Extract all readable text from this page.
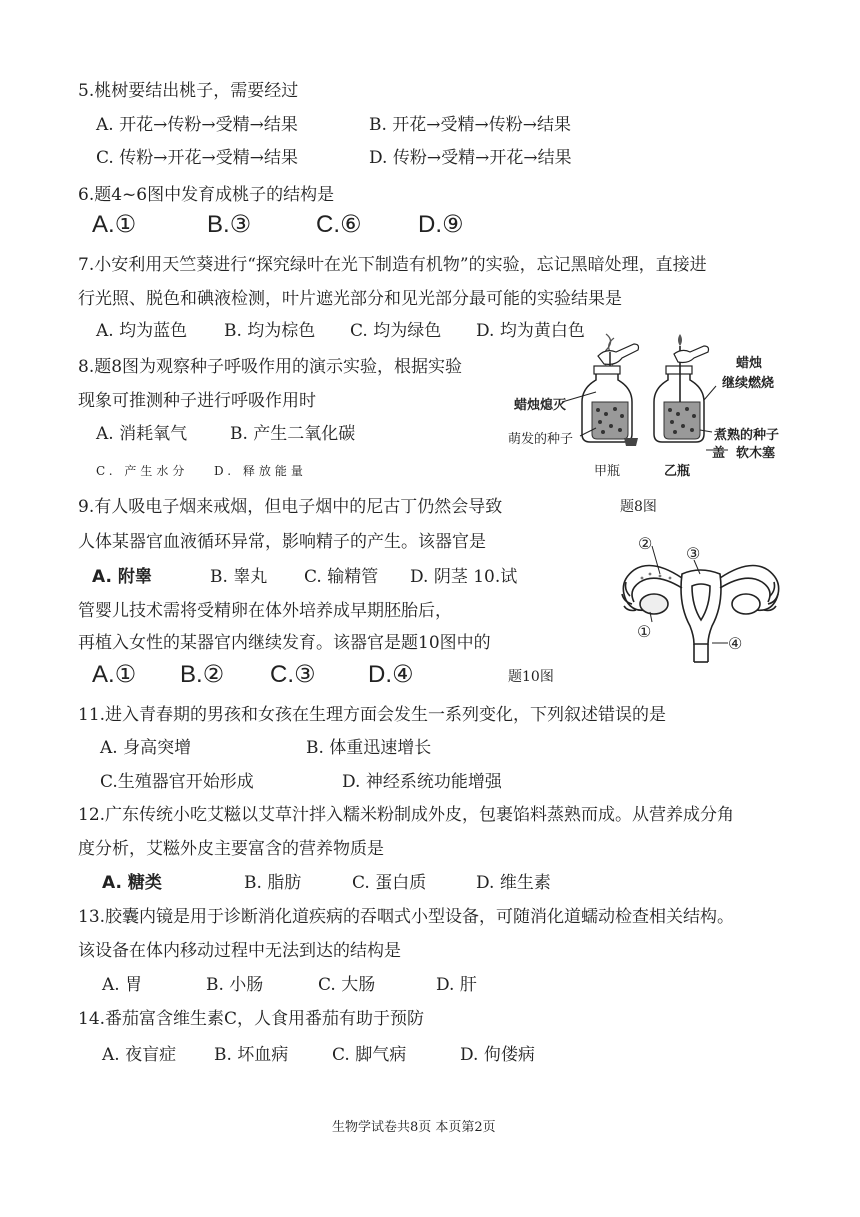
5.桃树要结出桃子，需要经过
A. 开花→传粉→受精→结果	B. 开花→受精→传粉→结果
C. 传粉→开花→受精→结果	D. 传粉→受精→开花→结果
6.题4~6图中发育成桃子的结构是
A.①	B.③	C.⑥ D.⑨
7.小安利用天竺葵进行“探究绿叶在光下制造有机物”的实验，忘记黑暗处理，直接进
行光照、脱色和碘液检测，叶片遮光部分和见光部分最可能的实验结果是
A. 均为蓝色 B. 均为棕色 C. 均为绿色 D. 均为黄白色
8.题8图为观察种子呼吸作用的演示实验，根据实验
现象可推测种子进行呼吸作用时
A. 消耗氧气	B. 产生二氧化碳
C. 产生水分 D. 释放能量
蜡烛熄灭
萌发的种子
蜡烛
继续燃烧
煮熟的种子
盖 软木塞
甲瓶	乙瓶
题8图
9.有人吸电子烟来戒烟，但电子烟中的尼古丁仍然会导致
人体某器官血液循环异常，影响精子的产生。该器官是
A. 附睾	B. 睾丸 C. 输精管 D. 阴茎 10.试
管婴儿技术需将受精卵在体外培养成早期胚胎后，
再植入女性的某器官内继续发育。该器官是题10图中的
A.① B.② C.③ D.④
①
②
③
④
题10图
11.进入青春期的男孩和女孩在生理方面会发生一系列变化，下列叙述错误的是
A. 身高突增	B. 体重迅速增长
C.生殖器官开始形成	D. 神经系统功能增强
12.广东传统小吃艾糍以艾草汁拌入糯米粉制成外皮，包裹馅料蒸熟而成。从营养成分角
度分析，艾糍外皮主要富含的营养物质是
A. 糖类	B. 脂肪	C. 蛋白质	D. 维生素
13.胶囊内镜是用于诊断消化道疾病的吞咽式小型设备，可随消化道蠕动检查相关结构。
该设备在体内移动过程中无法到达的结构是
A. 胃	B. 小肠	C. 大肠	D. 肝
14.番茄富含维生素C，人食用番茄有助于预防
A. 夜盲症 B. 坏血病	C. 脚气病	D. 佝偻病
生物学试卷共8页 本页第2页
